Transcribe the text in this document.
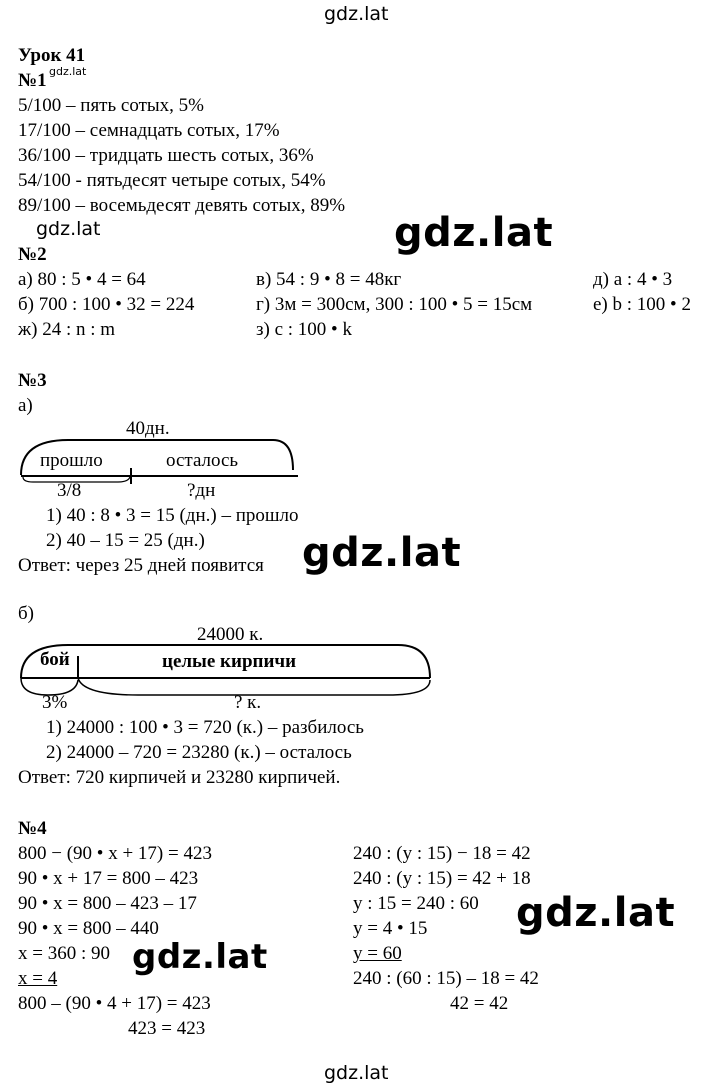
gdz.lat
Урок 41
№1 gdz.lat
5/100 – пять сотых, 5%
17/100 – семнадцать сотых, 17%
36/100 – тридцать шесть сотых, 36%
54/100 - пятьдесят четыре сотых, 54%
89/100 – восемьдесят девять сотых, 89%
gdz.lat	gdz.lat
№2
а) 80 : 5 • 4 = 64	в) 54 : 9 • 8 = 48кг	д) a : 4 • 3
б) 700 : 100 • 32 = 224	г) 3м = 300см, 300 : 100 • 5 = 15см	е) b : 100 • 2
ж) 24 : n : m	з) c : 100 • k
№3
а)
40дн.
прошло	осталось
3/8	?дн
1) 40 : 8 • 3 = 15 (дн.) – прошло
2) 40 – 15 = 25 (дн.)
Ответ: через 25 дней появится gdz.lat
б)
24000 к.
бой	целые кирпичи
3%	? к.
1) 24000 : 100 • 3 = 720 (к.) – разбилось
2) 24000 – 720 = 23280 (к.) – осталось
Ответ: 720 кирпичей и 23280 кирпичей.
№4
800 − (90 • x + 17) = 423
90 • x + 17 = 800 – 423
90 • x = 800 – 423 – 17
90 • x = 800 – 440
x = 360 : 90
x = 4
800 – (90 • 4 + 17) = 423
423 = 423
gdz.lat
240 : (y : 15) − 18 = 42
240 : (y : 15) = 42 + 18
y : 15 = 240 : 60
y = 4 • 15
y = 60
240 : (60 : 15) – 18 = 42
42 = 42
gdz.lat
gdz.lat
